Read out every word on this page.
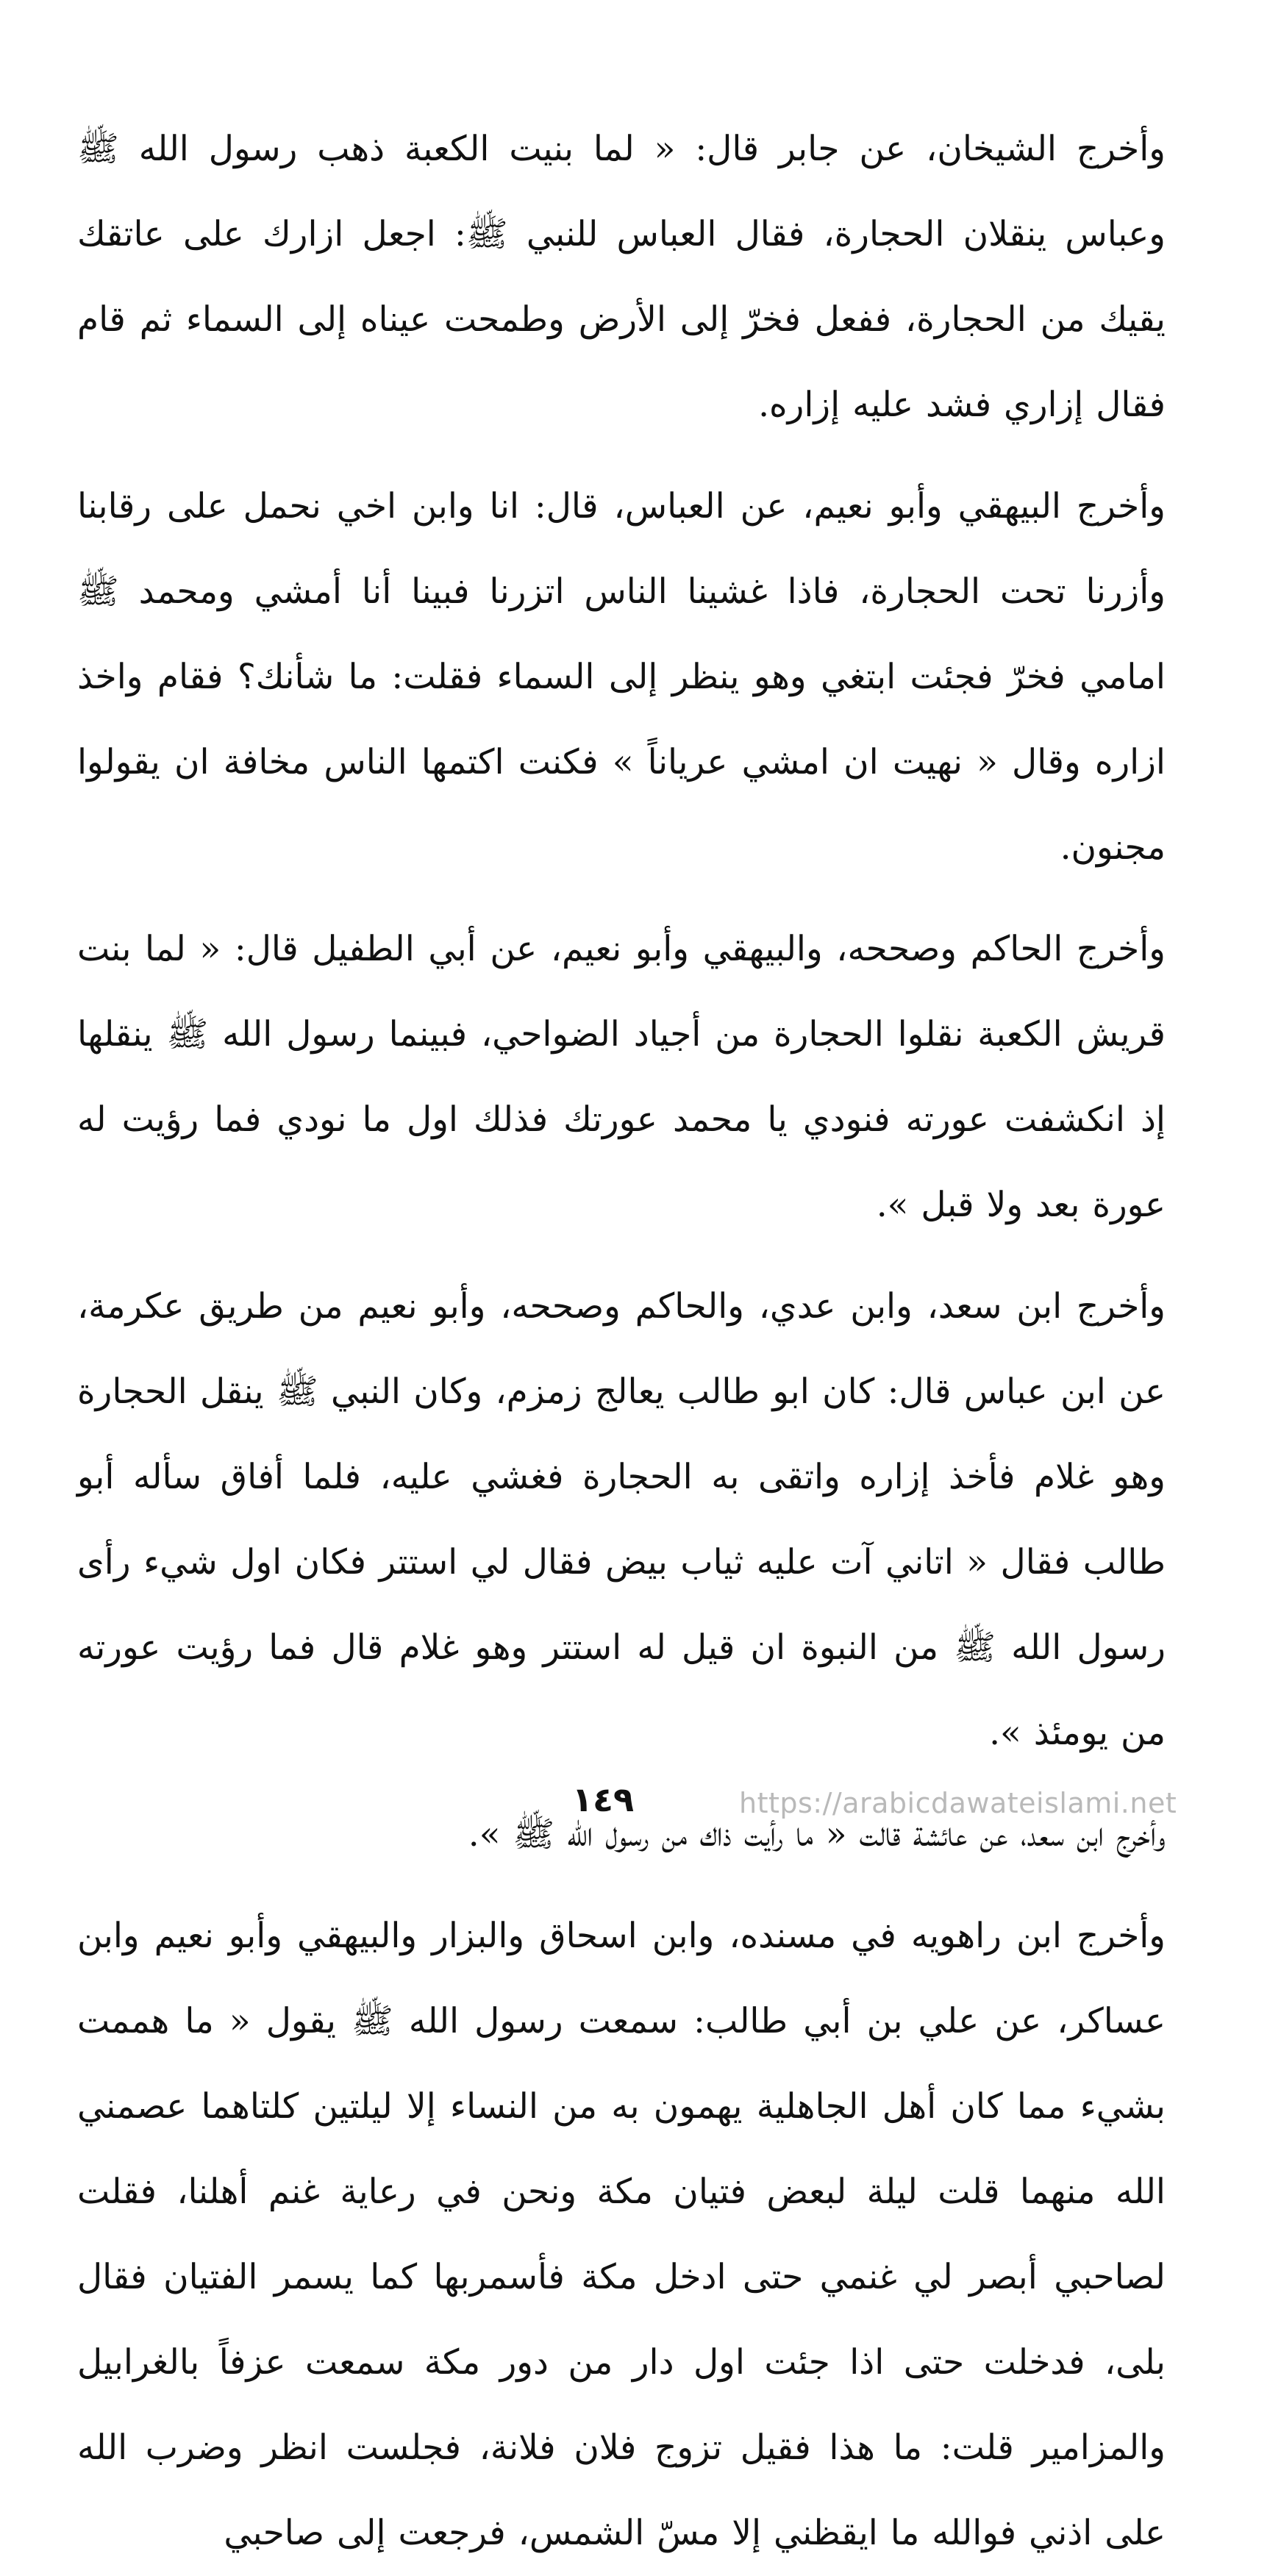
وأخرج الشيخان، عن جابر قال: « لما بنيت الكعبة ذهب رسول الله ﷺ وعباس ينقلان الحجارة، فقال العباس للنبي ﷺ: اجعل ازارك على عاتقك يقيك من الحجارة، ففعل فخرّ إلى الأرض وطمحت عيناه إلى السماء ثم قام فقال إزاري فشد عليه إزاره.

وأخرج البيهقي وأبو نعيم، عن العباس، قال: انا وابن اخي نحمل على رقابنا وأزرنا تحت الحجارة، فاذا غشينا الناس اتزرنا فبينا أنا أمشي ومحمد ﷺ امامي فخرّ فجئت ابتغي وهو ينظر إلى السماء فقلت: ما شأنك؟ فقام واخذ ازاره وقال « نهيت ان امشي عرياناً » فكنت اكتمها الناس مخافة ان يقولوا مجنون.

وأخرج الحاكم وصححه، والبيهقي وأبو نعيم، عن أبي الطفيل قال: « لما بنت قريش الكعبة نقلوا الحجارة من أجياد الضواحي، فبينما رسول الله ﷺ ينقلها إذ انكشفت عورته فنودي يا محمد عورتك فذلك اول ما نودي فما رؤيت له عورة بعد ولا قبل ».

وأخرج ابن سعد، وابن عدي، والحاكم وصححه، وأبو نعيم من طريق عكرمة، عن ابن عباس قال: كان ابو طالب يعالج زمزم، وكان النبي ﷺ ينقل الحجارة وهو غلام فأخذ إزاره واتقى به الحجارة فغشي عليه، فلما أفاق سأله أبو طالب فقال « اتاني آت عليه ثياب بيض فقال لي استتر فكان اول شيء رأى رسول الله ﷺ من النبوة ان قيل له استتر وهو غلام قال فما رؤيت عورته من يومئذ ».

وأخرج ابن سعد، عن عائشة قالت « ما رأيت ذاك من رسول الله ﷺ ».

وأخرج ابن راهويه في مسنده، وابن اسحاق والبزار والبيهقي وأبو نعيم وابن عساكر، عن علي بن أبي طالب: سمعت رسول الله ﷺ يقول « ما هممت بشيء مما كان أهل الجاهلية يهمون به من النساء إلا ليلتين كلتاهما عصمني الله منهما قلت ليلة لبعض فتيان مكة ونحن في رعاية غنم أهلنا، فقلت لصاحبي أبصر لي غنمي حتى ادخل مكة فأسمربها كما يسمر الفتيان فقال بلى، فدخلت حتى اذا جئت اول دار من دور مكة سمعت عزفاً بالغرابيل والمزامير قلت: ما هذا فقيل تزوج فلان فلانة، فجلست انظر وضرب الله على اذني فوالله ما ايقظني إلا مسّ الشمس، فرجعت إلى صاحبي

١٤٩	https://arabicdawateislami.net
